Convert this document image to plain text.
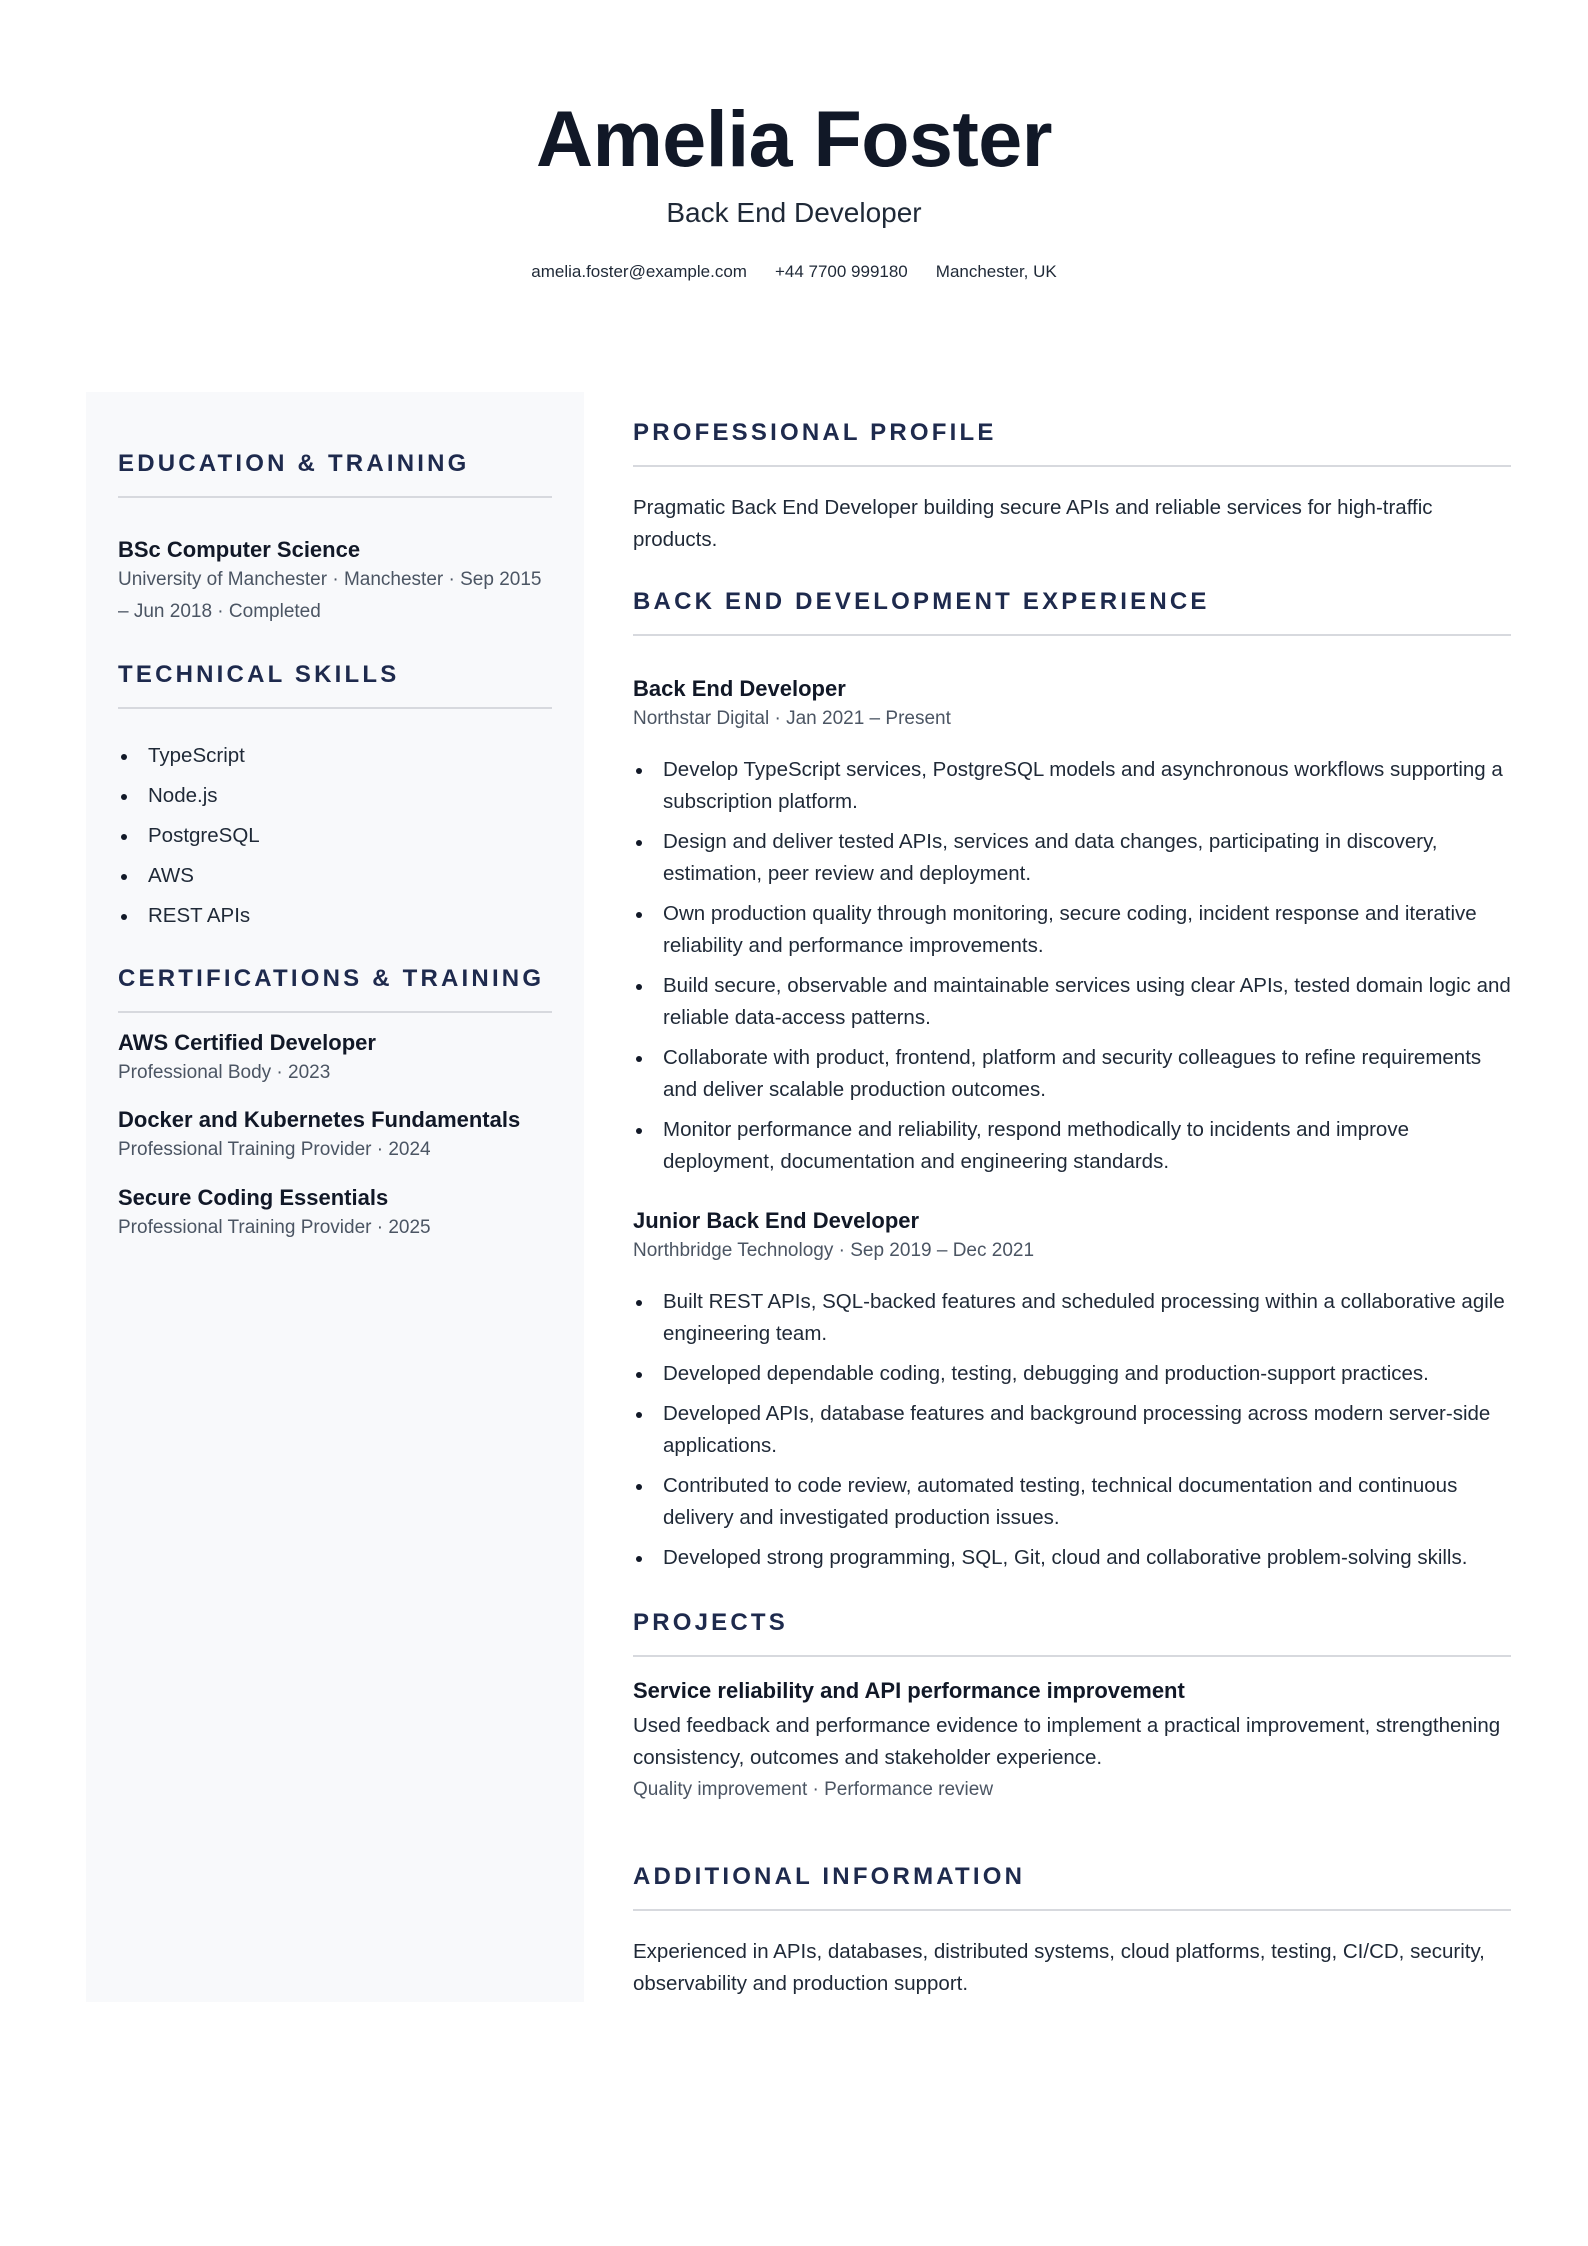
Amelia Foster
Back End Developer
amelia.foster@example.com +44 7700 999180 Manchester, UK
EDUCATION & TRAINING
BSc Computer Science
University of Manchester · Manchester · Sep 2015
– Jun 2018 · Completed
TECHNICAL SKILLS
TypeScript
Node.js
PostgreSQL
AWS
REST APIs
CERTIFICATIONS & TRAINING
AWS Certified Developer
Professional Body · 2023
Docker and Kubernetes Fundamentals
Professional Training Provider · 2024
Secure Coding Essentials
Professional Training Provider · 2025
PROFESSIONAL PROFILE
Pragmatic Back End Developer building secure APIs and reliable services for high-traffic products.
BACK END DEVELOPMENT EXPERIENCE
Back End Developer
Northstar Digital · Jan 2021 – Present
Develop TypeScript services, PostgreSQL models and asynchronous workflows supporting a subscription platform.
Design and deliver tested APIs, services and data changes, participating in discovery, estimation, peer review and deployment.
Own production quality through monitoring, secure coding, incident response and iterative reliability and performance improvements.
Build secure, observable and maintainable services using clear APIs, tested domain logic and reliable data-access patterns.
Collaborate with product, frontend, platform and security colleagues to refine requirements and deliver scalable production outcomes.
Monitor performance and reliability, respond methodically to incidents and improve deployment, documentation and engineering standards.
Junior Back End Developer
Northbridge Technology · Sep 2019 – Dec 2021
Built REST APIs, SQL-backed features and scheduled processing within a collaborative agile engineering team.
Developed dependable coding, testing, debugging and production-support practices.
Developed APIs, database features and background processing across modern server-side applications.
Contributed to code review, automated testing, technical documentation and continuous delivery and investigated production issues.
Developed strong programming, SQL, Git, cloud and collaborative problem-solving skills.
PROJECTS
Service reliability and API performance improvement
Used feedback and performance evidence to implement a practical improvement, strengthening consistency, outcomes and stakeholder experience.
Quality improvement · Performance review
ADDITIONAL INFORMATION
Experienced in APIs, databases, distributed systems, cloud platforms, testing, CI/CD, security, observability and production support.
